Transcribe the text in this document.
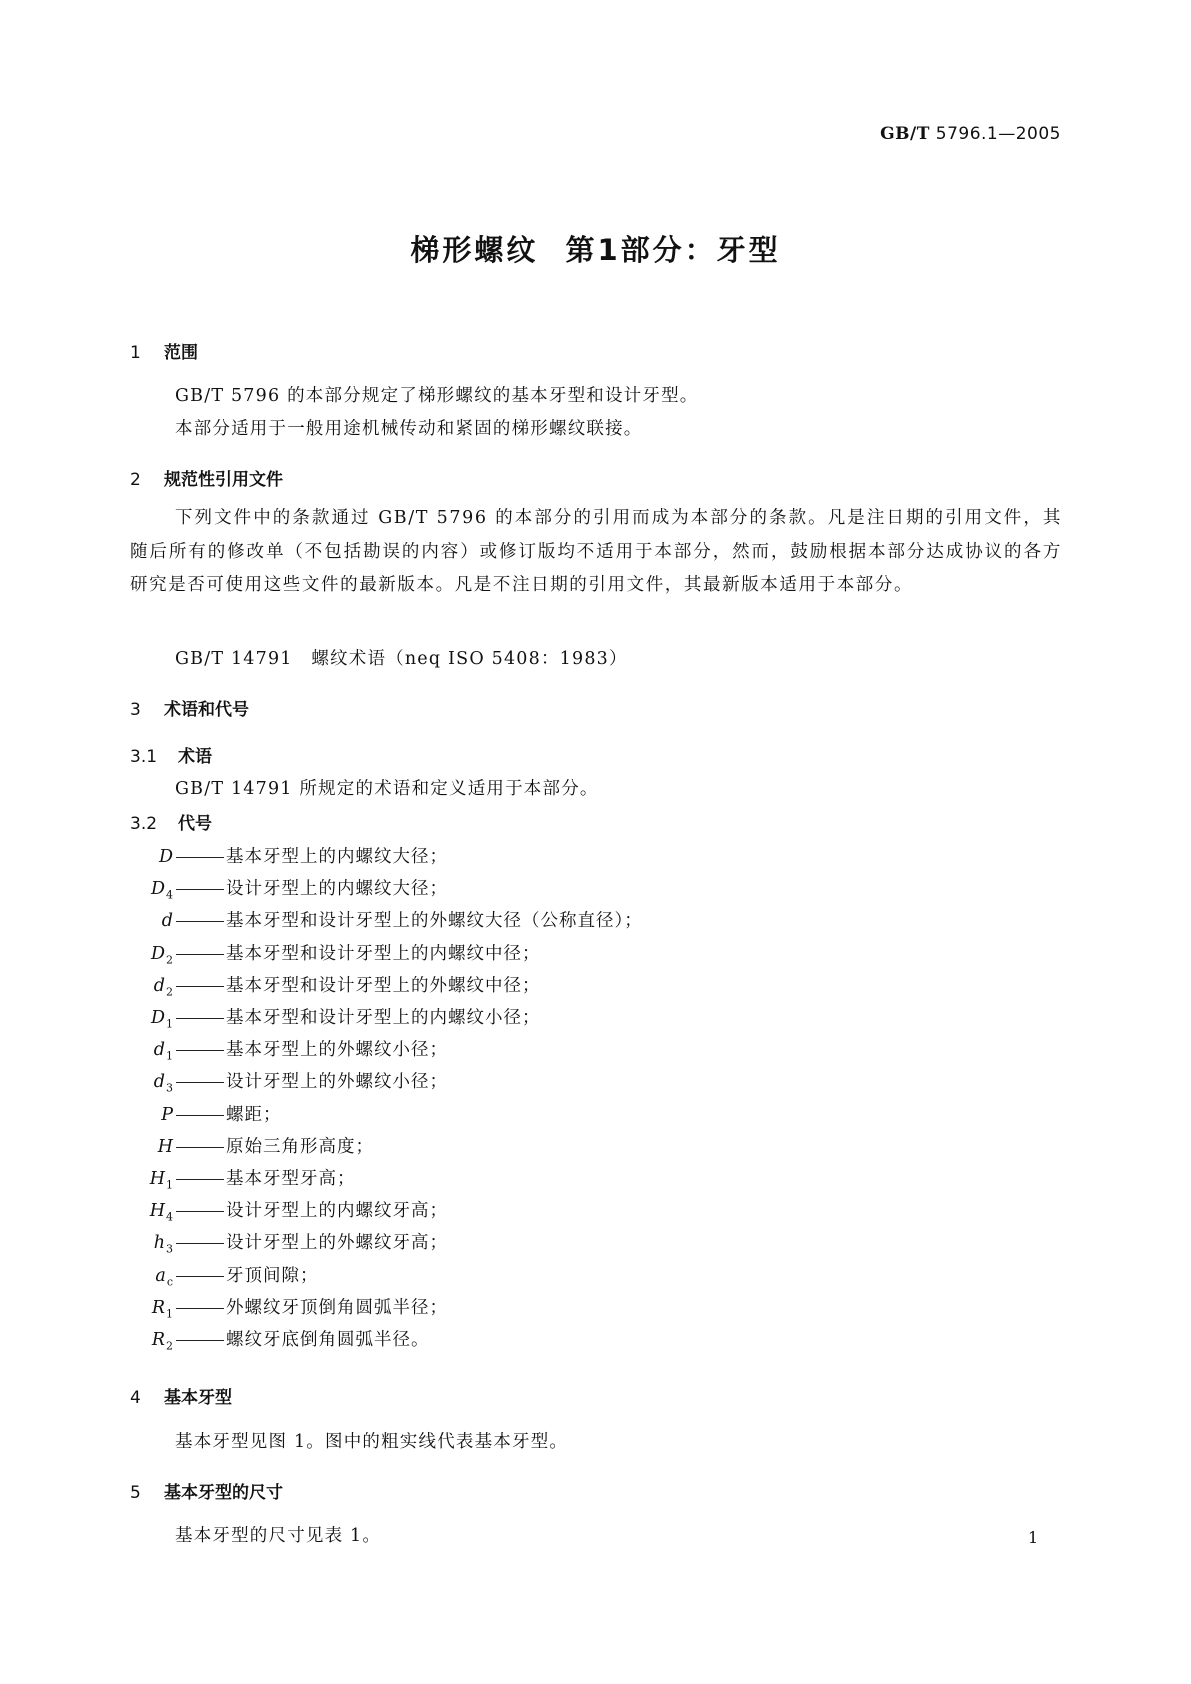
GB/T 5796.1—2005
梯形螺纹 第1部分：牙型
1 范围
GB/T 5796 的本部分规定了梯形螺纹的基本牙型和设计牙型。
本部分适用于一般用途机械传动和紧固的梯形螺纹联接。
2 规范性引用文件
下列文件中的条款通过 GB/T 5796 的本部分的引用而成为本部分的条款。凡是注日期的引用文件，其随后所有的修改单（不包括勘误的内容）或修订版均不适用于本部分，然而，鼓励根据本部分达成协议的各方研究是否可使用这些文件的最新版本。凡是不注日期的引用文件，其最新版本适用于本部分。
GB/T 14791　螺纹术语（neq ISO 5408：1983）
3 术语和代号
3.1 术语
GB/T 14791 所规定的术语和定义适用于本部分。
3.2 代号
D	基本牙型上的内螺纹大径；
$D_4$	设计牙型上的内螺纹大径；
d	基本牙型和设计牙型上的外螺纹大径（公称直径）；
$D_2$	基本牙型和设计牙型上的内螺纹中径；
$d_2$	基本牙型和设计牙型上的外螺纹中径；
$D_1$	基本牙型和设计牙型上的内螺纹小径；
$d_1$	基本牙型上的外螺纹小径；
$d_3$	设计牙型上的外螺纹小径；
P	螺距；
H	原始三角形高度；
$H_1$	基本牙型牙高；
$H_4$	设计牙型上的内螺纹牙高；
$h_3$	设计牙型上的外螺纹牙高；
$a_c$	牙顶间隙；
$R_1$	外螺纹牙顶倒角圆弧半径；
$R_2$	螺纹牙底倒角圆弧半径。
4 基本牙型
基本牙型见图 1。图中的粗实线代表基本牙型。
5 基本牙型的尺寸
基本牙型的尺寸见表 1。	1
